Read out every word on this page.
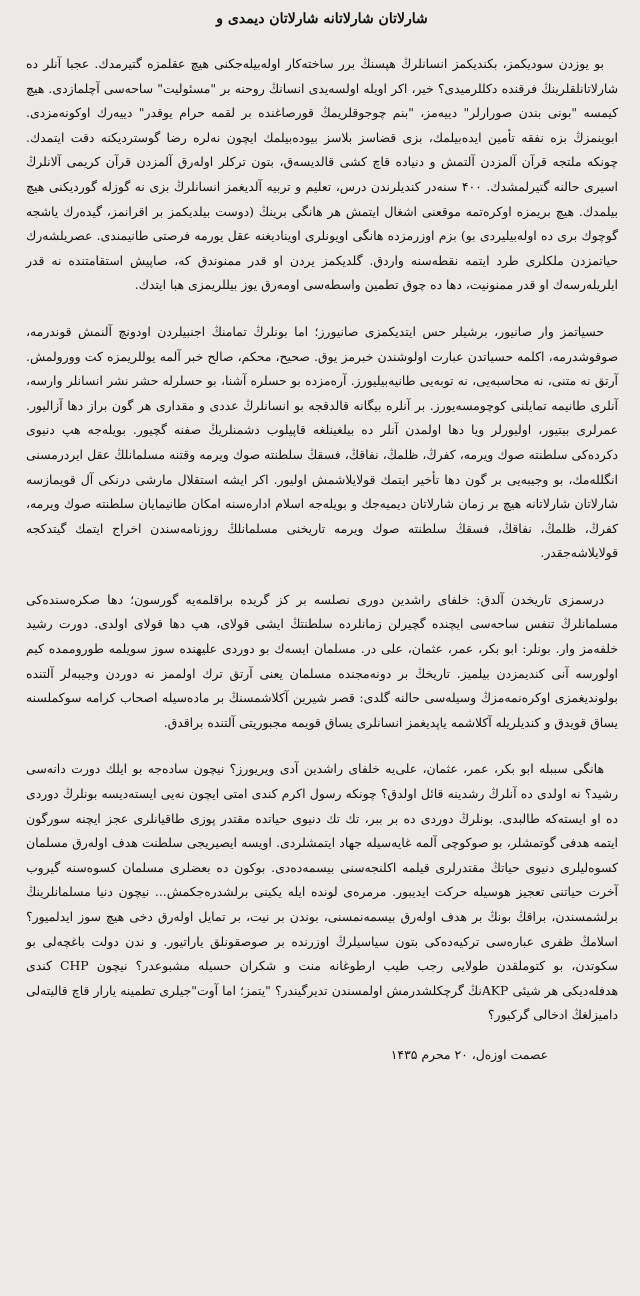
شارلاتان شارلاتانه شارلاتان دیمدی و
بو یوزدن سودیکمز، بکندیکمز انسانلرڭ هپسنڭ برر ساخته‌کار اوله‌بیله‌جکنی هیچ عقلمزه گتیرمدك. عجبا آنلر ده شارلاتانلقلرینڭ فرقنده دکللرمیدی؟ خیر، اکر اویله اولسه‌یدی انسانڭ روحنه بر "مسئولیت" ساحه‌سی آچلمازدی. هیچ کیمسه "بونی بندن صورارلر" دییه‌مز، "بنم چوجوقلریمڭ قورصاغنده بر لقمه حرام یوقدر" دییه‌رك اوکونه‌مزدی. ابوینمزڭ بزه نفقه تأمین ایده‌بیلمك، بزی قضاسز بلاسز بیودەبیلمك ایچون نه‌لره رضا گوستردیکنه دقت ایتمدك. چونکه ملتجه قرآن آلمزدن آلتمش و دنیاده قاچ کشی قالدیسەق، بتون ترکلر اولەرق آلمزدن قرآن کریمی آلانلرڭ اسیری حالنه گتیرلمشدك. ۴۰۰ سنه‌در کندیلرندن درس، تعلیم و تربیه آلدیغمز انسانلرڭ بزی نه گوزله گوردیکنی هیچ بیلمدك. هیچ بریمزه اوکرەتمه موقعنی اشغال ایتمش هر هانگی برینڭ (دوست بیلدیکمز بر اقرانمز، گیده‌رك یاشجه گوچوك بری ده اوله‌بیلیردی بو) بزم اوزرمزده هانگی اویونلری اویناديغنه عقل یورمه فرصتی طانیمندی. عصریلشه‌رك حیاتمزدن ملکلری طرد ایتمه نقطه‌سنه واردق. گلدیکمز یردن او قدر ممنوندق که، صاپیش استقامتنده نه قدر ایلریلەرسەك او قدر ممنونیت، دها ده چوق تطمین واسطه‌سی اومەرق یوز بیللریمزی هبا ایتدك.
حسیاتمز وار صانیور، برشیلر حس ایتدیکمزی صانیورز؛ اما بونلرڭ تمامنڭ اجنبیلردن اودونچ آلنمش قوندرمه، صوقوشدرمه، اکلمه حسیاتدن عبارت اولوشندن خبرمز یوق. صحیح، محکم، صالح خبر آلمه یوللریمزه کت وورولمش. آرتق نه متنی، نه محاسبه‌یی، نه توبه‌یی طانیه‌بیلیورز. آره‌مزده بو حسلره آشنا، بو حسلرله حشر نشر انسانلر وارسه، آنلری طانیمه تمایلنی کوچومسه‌یورز. بر آنلره بیگانه قالدقجه بو انسانلرڭ عددی و مقداری هر گون براز دها آزالیور. عمرلری بیتیور، اولیورلر ویا دها اولمدن آنلر ده بیلغینلغه قاپیلوب دشمنلریڭ صفنه گچیور. بویله‌جه هپ دنیوی دکرده‌کی سلطنته صوك ویرمه، کفرڭ، ظلمڭ، نفاقڭ، فسقڭ سلطنته صوك ویرمه وقتنه مسلمانلڭ عقل ایردرمسنی انگللەمك، بو وجیبه‌یی بر گون دها تأخیر ایتمك قولایلاشمش اولیور. اکر ایشه استقلال مارشی درنکی آل قویمازسه شارلاتان شارلاتانه هیچ بر زمان شارلاتان دیمیه‌جك و بویله‌جه اسلام اداره‌سنه امکان طانیمایان سلطنته صوك ویرمه، کفرڭ، ظلمڭ، نفاقڭ، فسقڭ سلطنته صوك ویرمه تاریخنی مسلمانلڭ روزنامه‌سندن اخراج ایتمك گیتدکجه قولایلاشه‌جقدر.
درسمزی تاریخدن آلدق: خلفای راشدین دوری نصلسه بر کز گریده براقلمه‌یه گورسون؛ دها صکره‌سنده‌کی مسلمانلرڭ تنفس ساحه‌سی ایچنده گچیرلن زمانلرده سلطنتڭ ایشی قولای، هپ دها قولای اولدی. دورت رشید خلفه‌مز وار. بونلر: ابو بکر، عمر، عثمان، علی در. مسلمان ایسه‌ك بو دوردی علیهنده سوز سویلمه طوروممده کیم اولورسه آنی کندیمزدن بیلمیز. تاریخڭ بر دونه‌مجنده مسلمان یعنی آرتق ترك اولممز نه دوردن وجیبه‌لر آلتنده بولوندیغمزی اوکره‌نمه‌مزڭ وسیله‌سی حالنه گلدی: قصر شیرین آکلاشمسنڭ بر ماده‌سیله اصحاب کرامه سوکملسنه یساق قویدق و کندیلریله آکلاشمه یاپدیغمز انسانلری یساق قویمه مجبوریتی آلتنده براقدق.
هانگی سببله ابو بکر، عمر، عثمان، علی‌یه خلفای راشدین آدی ویریورز؟ نیچون ساده‌جه بو ایلك دورت دانه‌سی رشید؟ نه اولدی ده آنلرڭ رشدینه قائل اولدق؟ چونکه رسول اکرم کندی امتی ایچون نه‌یی ایسته‌دیسه بونلرڭ دوردی ده او ایسته‌کە طالبدی. بونلرڭ دوردی ده بر ببر، تك تك دنیوی حیاتده مقتدر پوزی طاقیانلری عجز ایچنه سورگون ایتمه هدفی گوتمشلر، بو صوکوچی آلمه غایه‌سیله جهاد ایتمشلردی. اویسه ایصیریجی سلطنت هدف اولەرق مسلمان کسوه‌لیلری دنیوی حیاتڭ مقتدرلری قیلمه اکلنجه‌سنی بیسمه‌ده‌دی. بوکون ده بعضلری مسلمان کسوه‌سنه گیروب آخرت حیاتنی تعجیز هوسیله حرکت ایدیبور. مرمره‌ی لونده ایله یکینی برلشدره‌جکمش... نیچون دنیا مسلمانلرینڭ برلشمسندن، براقڭ بونڭ بر هدف اولەرق بیسمه‌نمسنی، بوندن بر نیت، بر تمایل اولەرق دخی هیچ سوز ایدلمیور؟ اسلامڭ ظفری عباره‌سی ترکیه‌ده‌کی بتون سیاسیلرڭ اوزرنده بر صوصقونلق یاراتیور. و ندن دولت باغچه‌لی بو سکوتدن، بو کتوملقدن طولایی رجب طیب ارطوغانه منت و شکران حسیله مشبوعدر؟ نیچون CHP کندی هدفله‌دیکی هر شیئی AKPنڭ گرچکلشدرمش اولمسندن تدیرگیندر؟ "یتمز؛ اما آوت"جیلری تطمینه یارار قاچ قالیته‌لی دامیزلغڭ ادخالی گرکیور؟
عصمت اوزەل، ۲۰ محرم ۱۴۳۵
